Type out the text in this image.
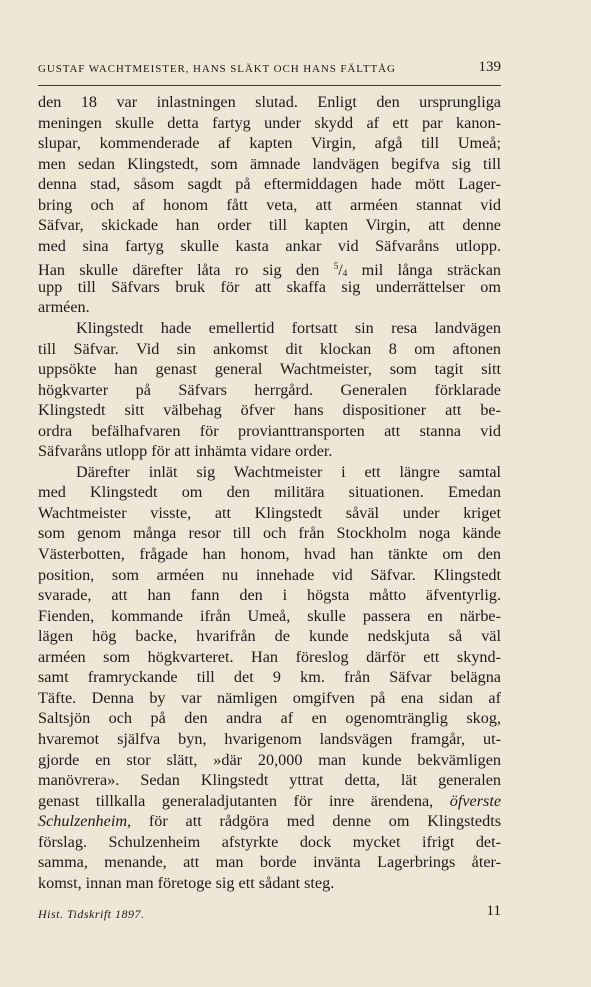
GUSTAF WACHTMEISTER, HANS SLÄKT OCH HANS FÄLTTÅG	139
den 18 var inlastningen slutad. Enligt den ursprungliga
meningen skulle detta fartyg under skydd af ett par kanon-
slupar, kommenderade af kapten Virgin, afgå till Umeå;
men sedan Klingstedt, som ämnade landvägen begifva sig till
denna stad, såsom sagdt på eftermiddagen hade mött Lager-
bring och af honom fått veta, att arméen stannat vid
Säfvar, skickade han order till kapten Virgin, att denne
med sina fartyg skulle kasta ankar vid Säfvaråns utlopp.
Han skulle därefter låta ro sig den $^5/_4$ mil långa sträckan
upp till Säfvars bruk för att skaffa sig underrättelser om
arméen.
Klingstedt hade emellertid fortsatt sin resa landvägen
till Säfvar. Vid sin ankomst dit klockan 8 om aftonen
uppsökte han genast general Wachtmeister, som tagit sitt
högkvarter på Säfvars herrgård. Generalen förklarade
Klingstedt sitt välbehag öfver hans dispositioner att be-
ordra befälhafvaren för provianttransporten att stanna vid
Säfvaråns utlopp för att inhämta vidare order.
Därefter inlät sig Wachtmeister i ett längre samtal
med Klingstedt om den militära situationen. Emedan
Wachtmeister visste, att Klingstedt såväl under kriget
som genom många resor till och från Stockholm noga kände
Västerbotten, frågade han honom, hvad han tänkte om den
position, som arméen nu innehade vid Säfvar. Klingstedt
svarade, att han fann den i högsta måtto äfventyrlig.
Fienden, kommande ifrån Umeå, skulle passera en närbe-
lägen hög backe, hvarifrån de kunde nedskjuta så väl
arméen som högkvarteret. Han föreslog därför ett skynd-
samt framryckande till det 9 km. från Säfvar belägna
Täfte. Denna by var nämligen omgifven på ena sidan af
Saltsjön och på den andra af en ogenomtränglig skog,
hvaremot själfva byn, hvarigenom landsvägen framgår, ut-
gjorde en stor slätt, »där 20,000 man kunde bekvämligen
manövrera». Sedan Klingstedt yttrat detta, lät generalen
genast tillkalla generaladjutanten för inre ärendena, öfverste
Schulzenheim, för att rådgöra med denne om Klingstedts
förslag. Schulzenheim afstyrkte dock mycket ifrigt det-
samma, menande, att man borde invänta Lagerbrings åter-
komst, innan man företoge sig ett sådant steg.
Hist. Tidskrift 1897.	11
